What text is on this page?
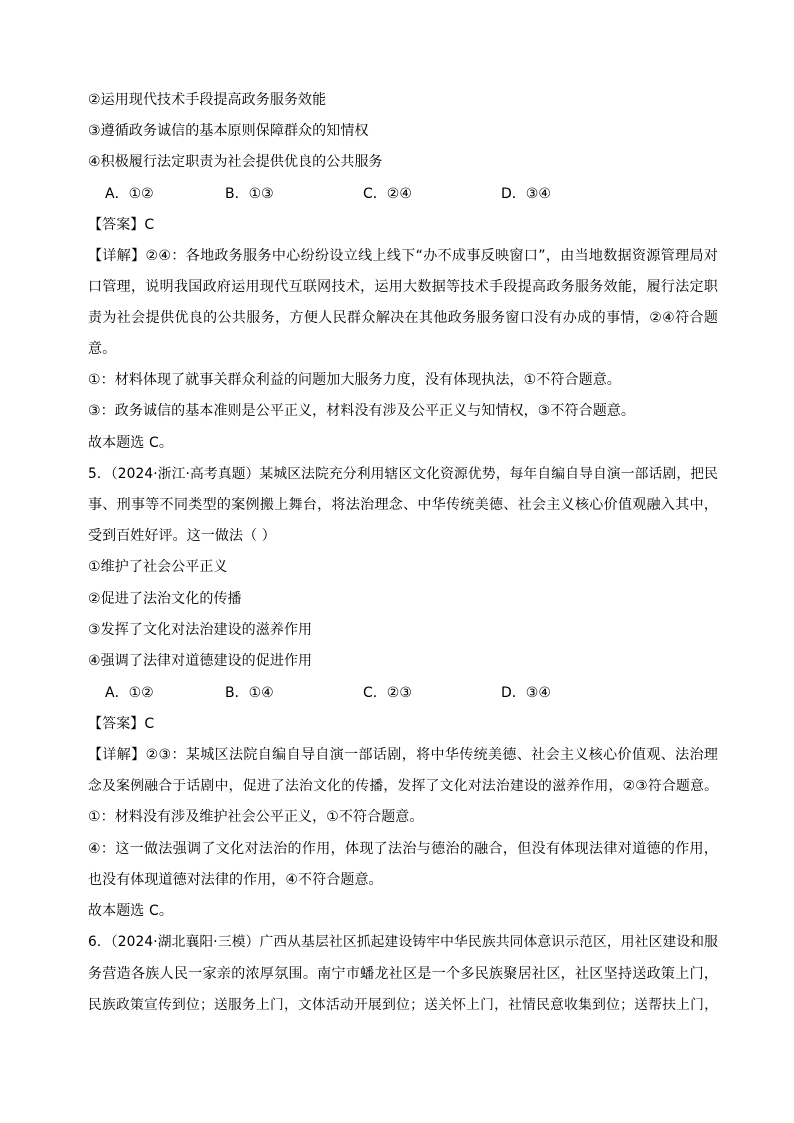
②运用现代技术手段提高政务服务效能
③遵循政务诚信的基本原则保障群众的知情权
④积极履行法定职责为社会提供优良的公共服务
A．①②	B．①③	C．②④	D．③④
【答案】C
【详解】②④：各地政务服务中心纷纷设立线上线下“办不成事反映窗口”，由当地数据资源管理局对
口管理，说明我国政府运用现代互联网技术，运用大数据等技术手段提高政务服务效能，履行法定职
责为社会提供优良的公共服务，方便人民群众解决在其他政务服务窗口没有办成的事情，②④符合题
意。
①：材料体现了就事关群众利益的问题加大服务力度，没有体现执法，①不符合题意。
③：政务诚信的基本准则是公平正义，材料没有涉及公平正义与知情权，③不符合题意。
故本题选 C。
5．（2024·浙江·高考真题）某城区法院充分利用辖区文化资源优势，每年自编自导自演一部话剧，把民
事、刑事等不同类型的案例搬上舞台，将法治理念、中华传统美德、社会主义核心价值观融入其中，
受到百姓好评。这一做法（ ）
①维护了社会公平正义
②促进了法治文化的传播
③发挥了文化对法治建设的滋养作用
④强调了法律对道德建设的促进作用
A．①②	B．①④	C．②③	D．③④
【答案】C
【详解】②③：某城区法院自编自导自演一部话剧，将中华传统美德、社会主义核心价值观、法治理
念及案例融合于话剧中，促进了法治文化的传播，发挥了文化对法治建设的滋养作用，②③符合题意。
①：材料没有涉及维护社会公平正义，①不符合题意。
④：这一做法强调了文化对法治的作用，体现了法治与德治的融合，但没有体现法律对道德的作用，
也没有体现道德对法律的作用，④不符合题意。
故本题选 C。
6．（2024·湖北襄阳·三模）广西从基层社区抓起建设铸牢中华民族共同体意识示范区，用社区建设和服
务营造各族人民一家亲的浓厚氛围。南宁市蟠龙社区是一个多民族聚居社区，社区坚持送政策上门，
民族政策宣传到位；送服务上门，文体活动开展到位；送关怀上门，社情民意收集到位；送帮扶上门，
